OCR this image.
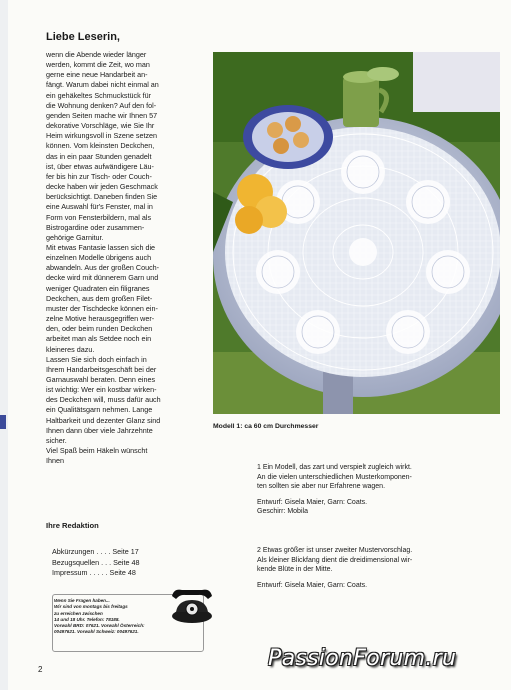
Liebe Leserin,
wenn die Abende wieder länger
werden, kommt die Zeit, wo man
gerne eine neue Handarbeit an-
fängt. Warum dabei nicht einmal an
ein gehäkeltes Schmuckstück für
die Wohnung denken? Auf den fol-
genden Seiten mache wir Ihnen 57
dekorative Vorschläge, wie Sie Ihr
Heim wirkungsvoll in Szene setzen
können. Vom kleinsten Deckchen,
das in ein paar Stunden genadelt
ist, über etwas aufwändigere Läu-
fer bis hin zur Tisch- oder Couch-
decke haben wir jeden Geschmack
berücksichtigt. Daneben finden Sie
eine Auswahl für's Fenster, mal in
Form von Fensterbildern, mal als
Bistrogardine oder zusammen-
gehörige Garnitur.
Mit etwas Fantasie lassen sich die
einzelnen Modelle übrigens auch
abwandeln. Aus der großen Couch-
decke wird mit dünnerem Garn und
weniger Quadraten ein filigranes
Deckchen, aus dem großen Filet-
muster der Tischdecke können ein-
zelne Motive herausgegriffen wer-
den, oder beim runden Deckchen
arbeitet man als Setdee noch ein
kleineres dazu.
Lassen Sie sich doch einfach in
Ihrem Handarbeitsgeschäft bei der
Garnauswahl beraten. Denn eines
ist wichtig: Wer ein kostbar wirken-
des Deckchen will, muss dafür auch
ein Qualitätsgarn nehmen. Lange
Haltbarkeit und dezenter Glanz sind
Ihnen dann über viele Jahrzehnte
sicher.
Viel Spaß beim Häkeln wünscht
Ihnen
Ihre Redaktion
Abkürzungen . . . . Seite 17
Bezugsquellen . . . Seite 48
Impressum . . . . . Seite 48
Wenn Sie Fragen haben...
Wir sind von montags bis freitags
zu erreichen zwischen
14 und 18 Uhr. Telefon: 78188.
Vorwahl BRD: 07621. Vorwahl Österreich:
00497621. Vorwahl Schweiz: 00497621.
Modell 1: ca 60 cm Durchmesser
1 Ein Modell, das zart und verspielt zugleich wirkt.
An die vielen unterschiedlichen Musterkomponen-
ten sollten sie aber nur Erfahrene wagen.
Entwurf: Gisela Maier, Garn: Coats.
Geschirr: Mobila
2 Etwas größer ist unser zweiter Mustervorschlag.
Als kleiner Blickfang dient die dreidimensional wir-
kende Blüte in der Mitte.
Entwurf: Gisela Maier, Garn: Coats.
2	PassionForum.ru
